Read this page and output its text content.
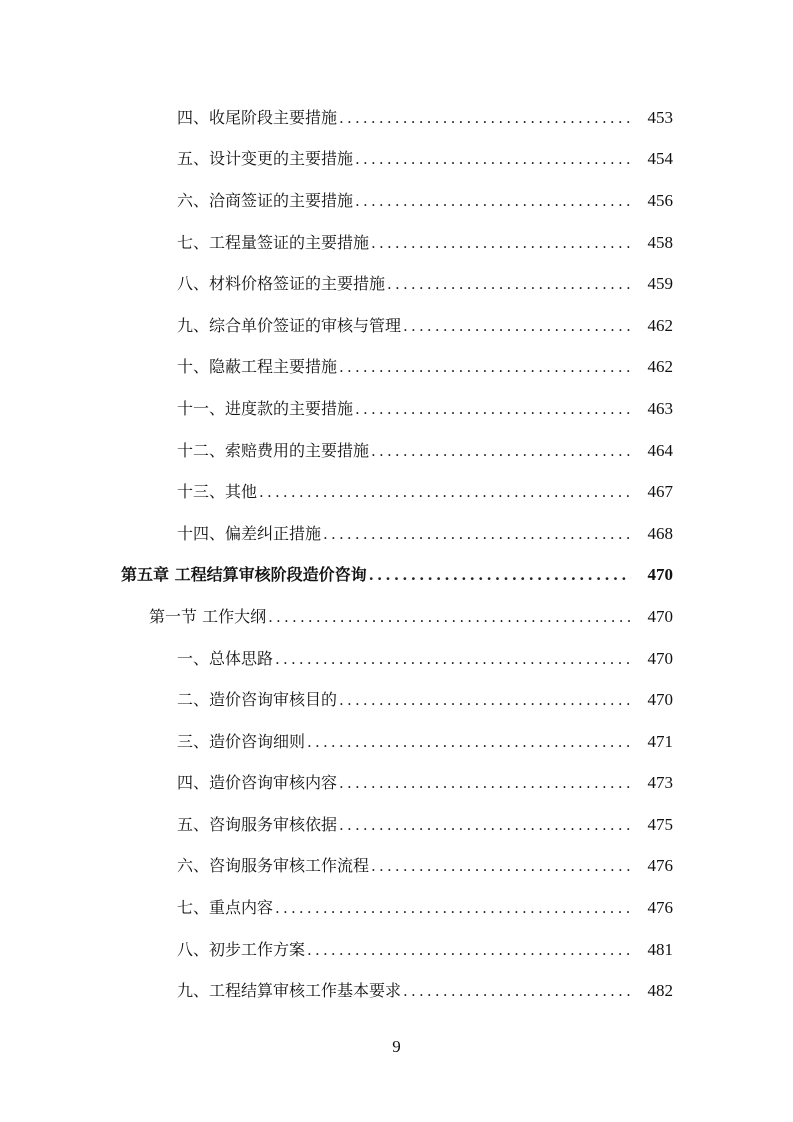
四、收尾阶段主要措施 .....	453
五、设计变更的主要措施 .....	454
六、洽商签证的主要措施 .....	456
七、工程量签证的主要措施 .....	458
八、材料价格签证的主要措施 .....	459
九、综合单价签证的审核与管理 .....	462
十、隐蔽工程主要措施 .....	462
十一、进度款的主要措施 .....	463
十二、索赔费用的主要措施 .....	464
十三、其他 .....	467
十四、偏差纠正措施 .....	468
第五章 工程结算审核阶段造价咨询 .....	470
第一节 工作大纲 .....	470
一、总体思路 .....	470
二、造价咨询审核目的 .....	470
三、造价咨询细则 .....	471
四、造价咨询审核内容 .....	473
五、咨询服务审核依据 .....	475
六、咨询服务审核工作流程 .....	476
七、重点内容 .....	476
八、初步工作方案 .....	481
九、工程结算审核工作基本要求 .....	482
9
